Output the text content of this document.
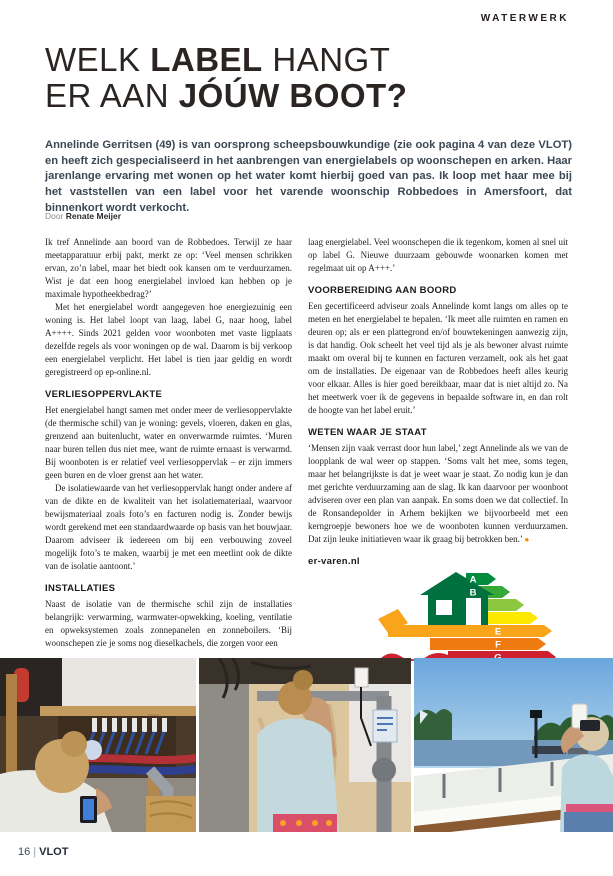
WATERWERK
WELK LABEL HANGT
ER AAN JÓÚW BOOT?

Annelinde Gerritsen (49) is van oorsprong scheepsbouwkundige (zie ook pagina 4 van deze VLOT) en heeft zich gespecialiseerd in het aanbrengen van energielabels op woonschepen en arken. Haar jarenlange ervaring met wonen op het water komt hierbij goed van pas. Ik loop met haar mee bij het vaststellen van een label voor het varende woonschip Robbedoes in Amersfoort, dat binnenkort wordt verkocht.

Door Renate Meijer

Ik tref Annelinde aan boord van de Robbedoes. Terwijl ze haar meetapparatuur erbij pakt, merkt ze op: ‘Veel mensen schrikken ervan, zo’n label, maar het biedt ook kansen om te verduurzamen. Wist je dat een hoog energielabel invloed kan hebben op je maximale hypotheekbedrag?’

Met het energielabel wordt aangegeven hoe energiezuinig een woning is. Het label loopt van laag, label G, naar hoog, label A++++. Sinds 2021 gelden voor woonboten met vaste ligplaats dezelfde regels als voor woningen op de wal. Daarom is bij verkoop een energielabel verplicht. Het label is tien jaar geldig en wordt geregistreerd op ep-online.nl.

VERLIESOPPERVLAKTE

Het energielabel hangt samen met onder meer de verliesoppervlakte (de thermische schil) van je woning: gevels, vloeren, daken en glas, grenzend aan buitenlucht, water en onverwarmde ruimtes. ‘Muren naar buren tellen dus niet mee, want de ruimte ernaast is verwarmd. Bij woonboten is er relatief veel verliesoppervlak – er zijn immers geen buren en de vloer grenst aan het water.

De isolatiewaarde van het verliesoppervlak hangt onder andere af van de dikte en de kwaliteit van het isolatiemateriaal, waarvoor bewijsmateriaal zoals foto’s en facturen nodig is. Zonder bewijs wordt gerekend met een standaardwaarde op basis van het bouwjaar. Daarom adviseer ik iedereen om bij een verbouwing zoveel mogelijk foto’s te maken, waarbij je met een meetlint ook de dikte van de isolatie aantoont.’

INSTALLATIES

Naast de isolatie van de thermische schil zijn de installaties belangrijk: verwarming, warmwater-opwekking, koeling, ventilatie en opweksystemen zoals zonnepanelen en zonneboilers. ‘Bij woonschepen zie je soms nog dieselkachels, die zorgen voor een

laag energielabel. Veel woonschepen die ik tegenkom, komen al snel uit op label G. Nieuwe duurzaam gebouwde woonarken komen met regelmaat uit op A+++.’

VOORBEREIDING AAN BOORD

Een gecertificeerd adviseur zoals Annelinde komt langs om alles op te meten en het energielabel te bepalen. ‘Ik meet alle ruimten en ramen en deuren op; als er een plattegrond en/of bouwtekeningen aanwezig zijn, is dat handig. Ook scheelt het veel tijd als je als bewoner alvast ruimte maakt om overal bij te kunnen en facturen verzamelt, ook als het gaat om de installaties. De eigenaar van de Robbedoes heeft alles keurig voor elkaar. Alles is hier goed bereikbaar, maar dat is niet altijd zo. Na het meetwerk voer ik de gegevens in bepaalde software in, en dan rolt de hoogte van het label eruit.’

WETEN WAAR JE STAAT

‘Mensen zijn vaak verrast door hun label,’ zegt Annelinde als we van de loopplank de wal weer op stappen. ‘Soms valt het mee, soms tegen, maar het belangrijkste is dat je weet waar je staat. Zo nodig kun je dan met gerichte verduurzaming aan de slag. Ik kan daarvoor per woonboot adviseren over een plan van aanpak. En soms doen we dat collectief. In de Ronsandepolder in Arhem bekijken we bijvoorbeeld met een kerngroepje bewoners hoe we de woonboten kunnen verduurzamen. Dat zijn leuke initiatieven waar ik graag bij betrokken ben.’ ●

er-varen.nl
A
B
C
D
E
F
16 | VLOT
